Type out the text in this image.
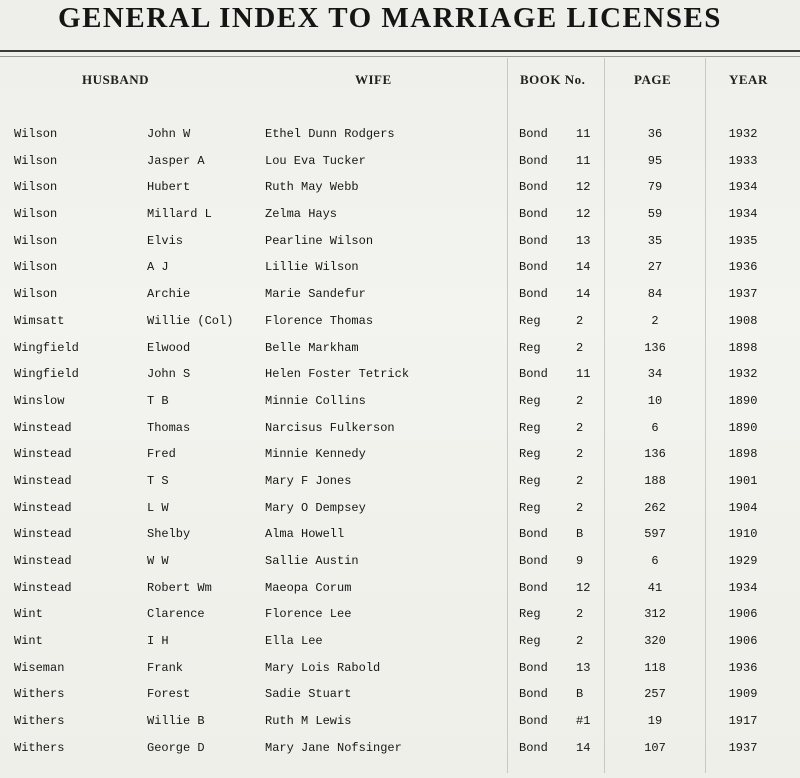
GENERAL INDEX TO MARRIAGE LICENSES
HUSBAND	WIFE	BOOK No.	PAGE	YEAR
Wilson	John W	Ethel Dunn Rodgers	Bond 11	36	1932
Wilson	Jasper A	Lou Eva Tucker	Bond 11	95	1933
Wilson	Hubert	Ruth May Webb	Bond 12	79	1934
Wilson	Millard L	Zelma Hays	Bond 12	59	1934
Wilson	Elvis	Pearline Wilson	Bond 13	35	1935
Wilson	A J	Lillie Wilson	Bond 14	27	1936
Wilson	Archie	Marie Sandefur	Bond 14	84	1937
Wimsatt	Willie (Col)	Florence Thomas	Reg	2	2	1908
Wingfield	Elwood	Belle Markham	Reg	2	136	1898
Wingfield	John S	Helen Foster Tetrick	Bond 11	34	1932
Winslow	T B	Minnie Collins	Reg	2	10	1890
Winstead	Thomas	Narcisus Fulkerson	Reg	2	6	1890
Winstead	Fred	Minnie Kennedy	Reg	2	136	1898
Winstead	T S	Mary F Jones	Reg	2	188	1901
Winstead	L W	Mary O Dempsey	Reg	2	262	1904
Winstead	Shelby	Alma Howell	Bond B	597	1910
Winstead	W W	Sallie Austin	Bond 9	6	1929
Winstead	Robert Wm	Maeopa Corum	Bond 12	41	1934
Wint	Clarence	Florence Lee	Reg	2	312	1906
Wint	I H	Ella Lee	Reg	2	320	1906
Wiseman	Frank	Mary Lois Rabold	Bond 13	118	1936
Withers	Forest	Sadie Stuart	Bond B	257	1909
Withers	Willie B	Ruth M Lewis	Bond #1	19	1917
Withers	George D	Mary Jane Nofsinger	Bond 14	107	1937
